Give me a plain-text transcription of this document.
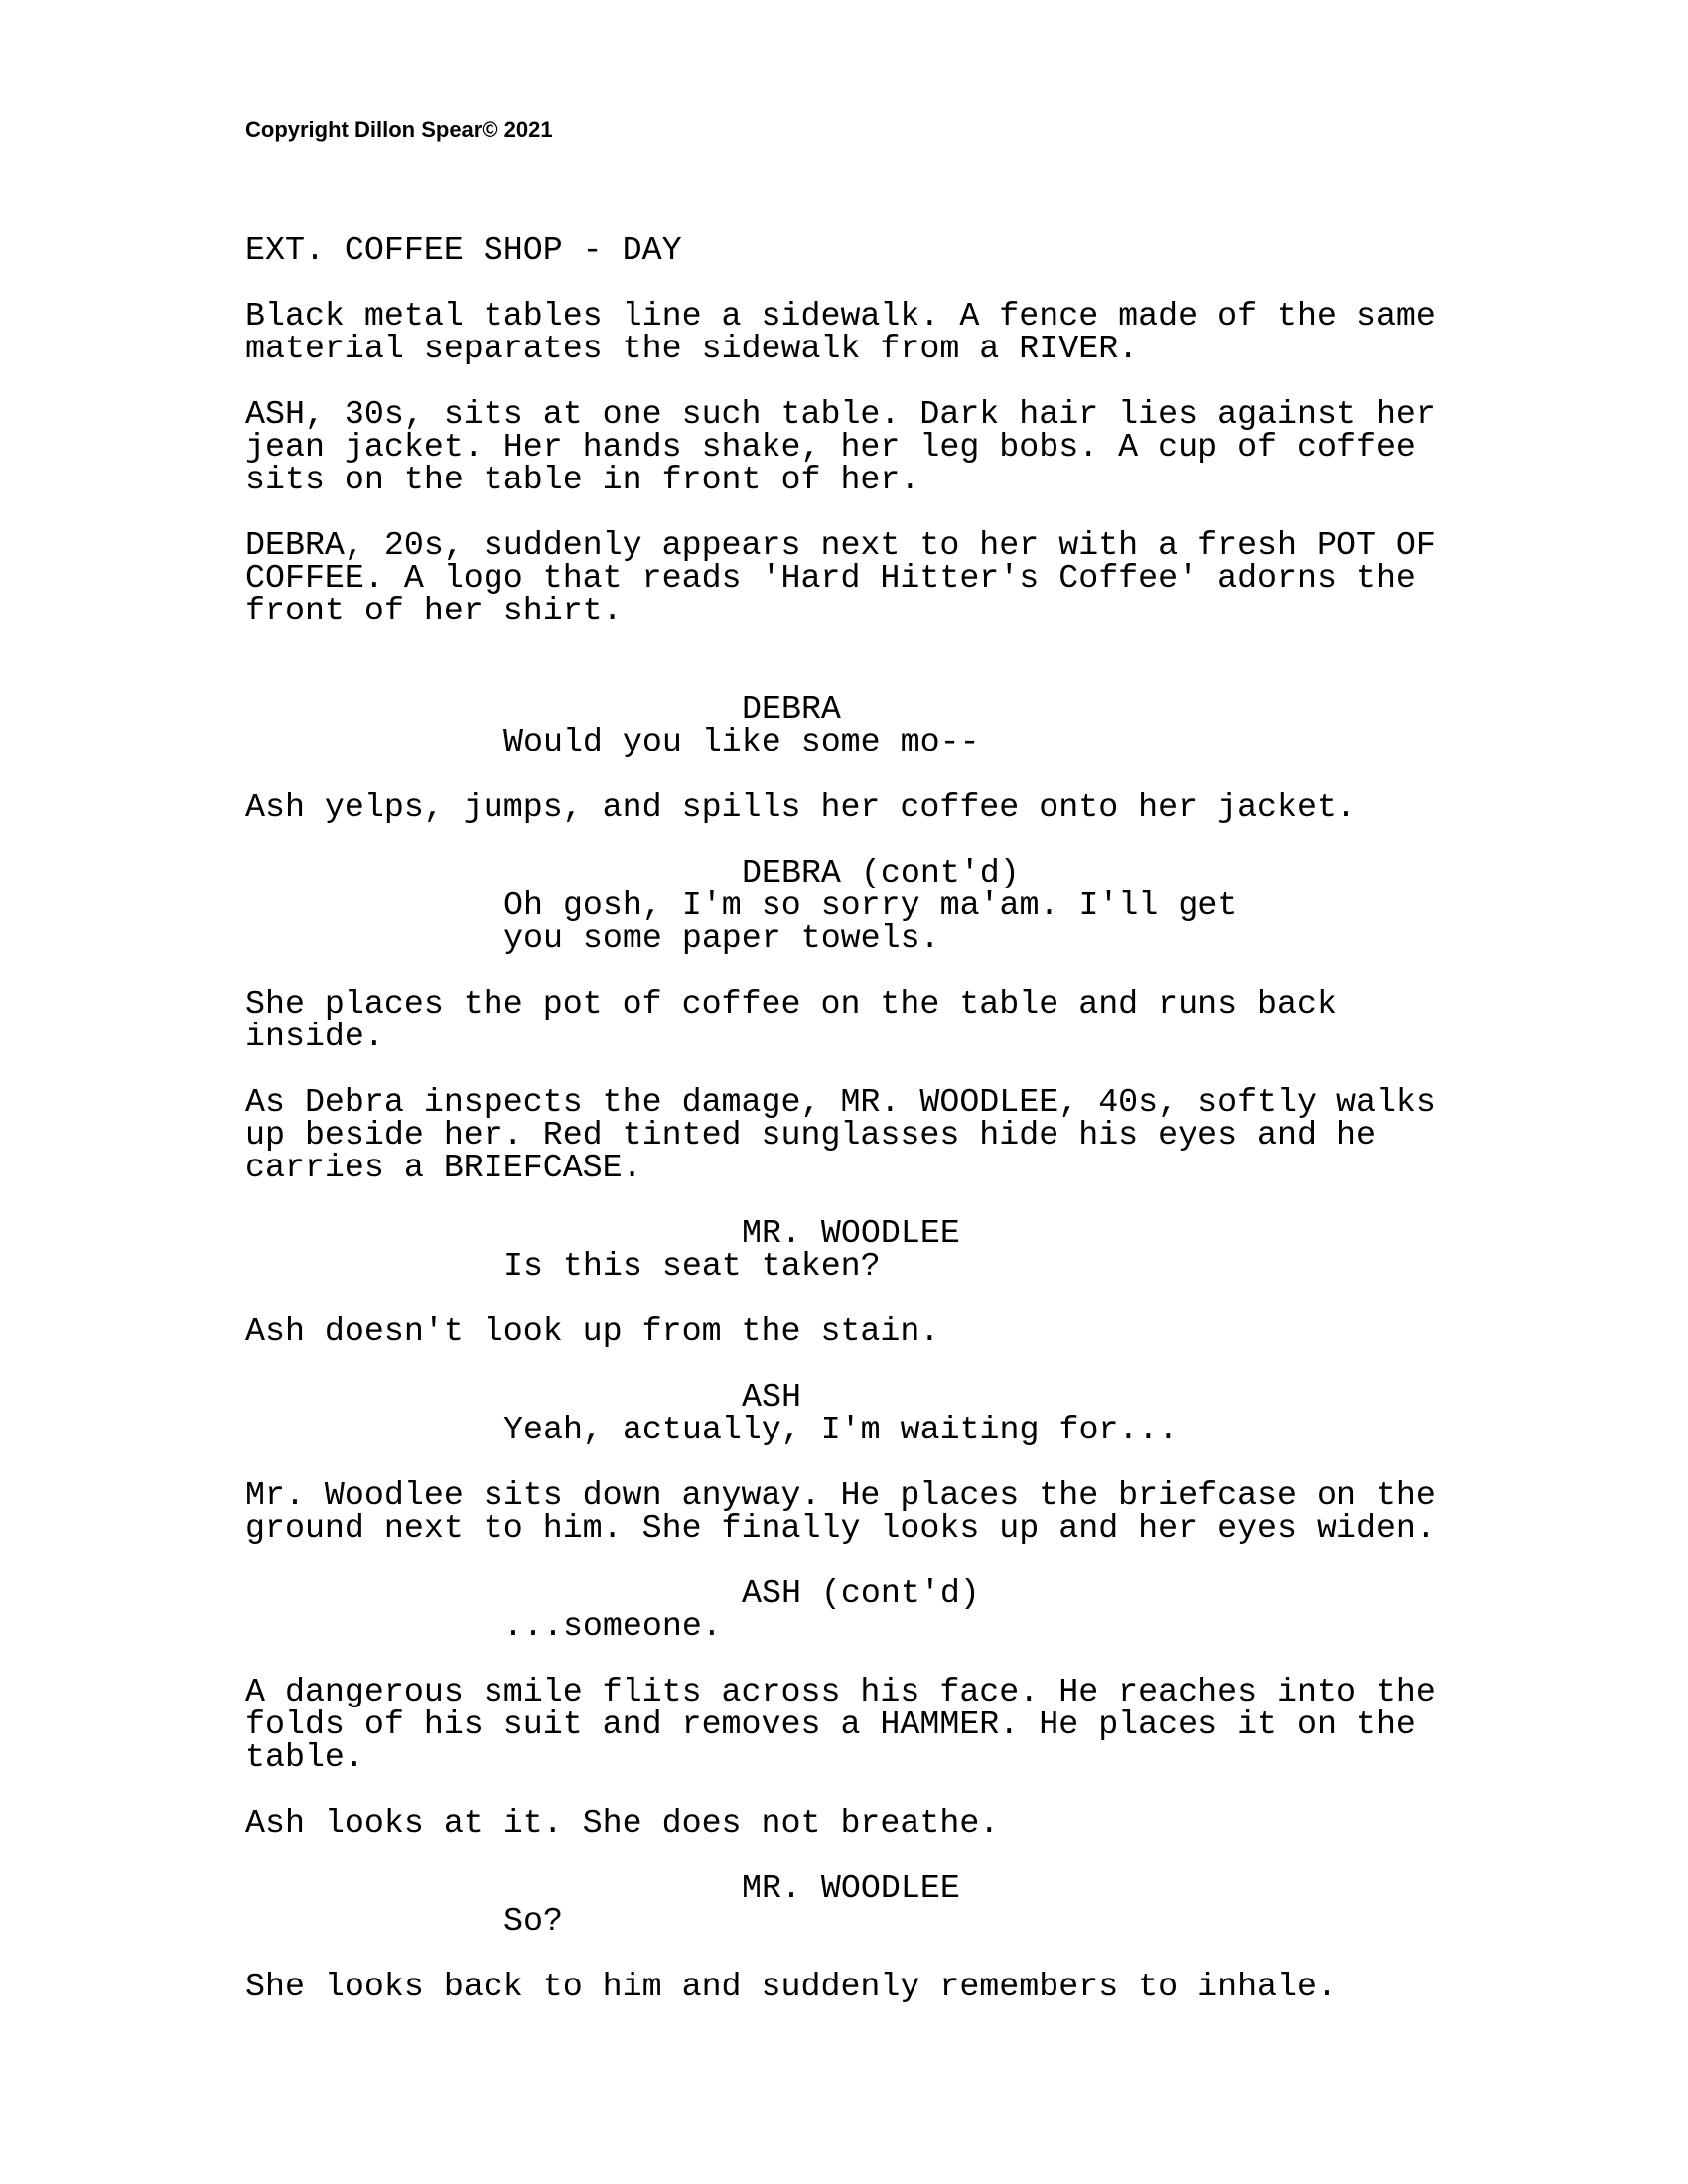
Copyright Dillon Spear© 2021
EXT. COFFEE SHOP - DAY
Black metal tables line a sidewalk. A fence made of the same
material separates the sidewalk from a RIVER.
ASH, 30s, sits at one such table. Dark hair lies against her
jean jacket. Her hands shake, her leg bobs. A cup of coffee
sits on the table in front of her.
DEBRA, 20s, suddenly appears next to her with a fresh POT OF
COFFEE. A logo that reads 'Hard Hitter's Coffee' adorns the
front of her shirt.
DEBRA
Would you like some mo--
Ash yelps, jumps, and spills her coffee onto her jacket.
DEBRA (cont'd)
Oh gosh, I'm so sorry ma'am. I'll get
you some paper towels.
She places the pot of coffee on the table and runs back
inside.
As Debra inspects the damage, MR. WOODLEE, 40s, softly walks
up beside her. Red tinted sunglasses hide his eyes and he
carries a BRIEFCASE.
MR. WOODLEE
Is this seat taken?
Ash doesn't look up from the stain.
ASH
Yeah, actually, I'm waiting for...
Mr. Woodlee sits down anyway. He places the briefcase on the
ground next to him. She finally looks up and her eyes widen.
ASH (cont'd)
...someone.
A dangerous smile flits across his face. He reaches into the
folds of his suit and removes a HAMMER. He places it on the
table.
Ash looks at it. She does not breathe.
MR. WOODLEE
So?
She looks back to him and suddenly remembers to inhale.
